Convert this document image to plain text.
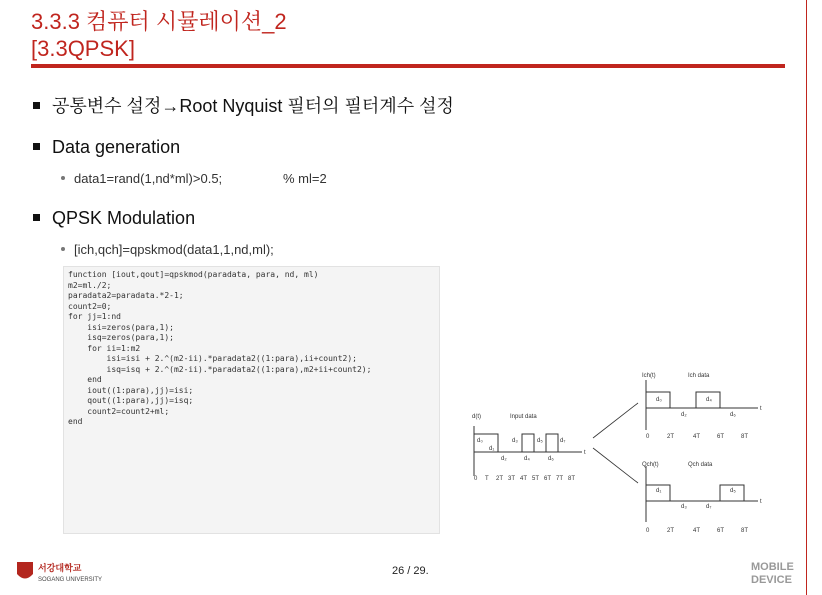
3.3.3 컴퓨터 시뮬레이션_2
[3.3QPSK]
공통변수 설정→Root Nyquist 필터의 필터계수 설정
Data generation
data1=rand(1,nd*ml)>0.5;	% ml=2
QPSK Modulation
[ich,qch]=qpskmod(data1,1,nd,ml);
function [iout,qout]=qpskmod(paradata, para, nd, ml)
m2=ml./2;
paradata2=paradata.*2-1;
count2=0;
for jj=1:nd
isi=zeros(para,1);
isq=zeros(para,1);
for ii=1:m2
isi=isi + 2.^(m2-ii).*paradata2((1:para),ii+count2);
isq=isq + 2.^(m2-ii).*paradata2((1:para),m2+ii+count2);
end
iout((1:para),jj)=isi;
qout((1:para),jj)=isq;
count2=count2+ml;
end	d(t)	Input data
t
Ich(t)	Ich data
t
Qch(t)	Qch data
t
d₀
d₁
d₂
d₃
d₄
d₅
d₆
d₇
0 T 2T 3T 4T 5T 6T 7T 8T
d₀
d₂
d₄
d₆
0	2T	4T	6T	8T
d₁
d₃
d₅
d₇
0	2T	4T	6T	8T
서강대학교
SOGANG UNIVERSITY
26 / 29.	MOBILE
DEVICE
